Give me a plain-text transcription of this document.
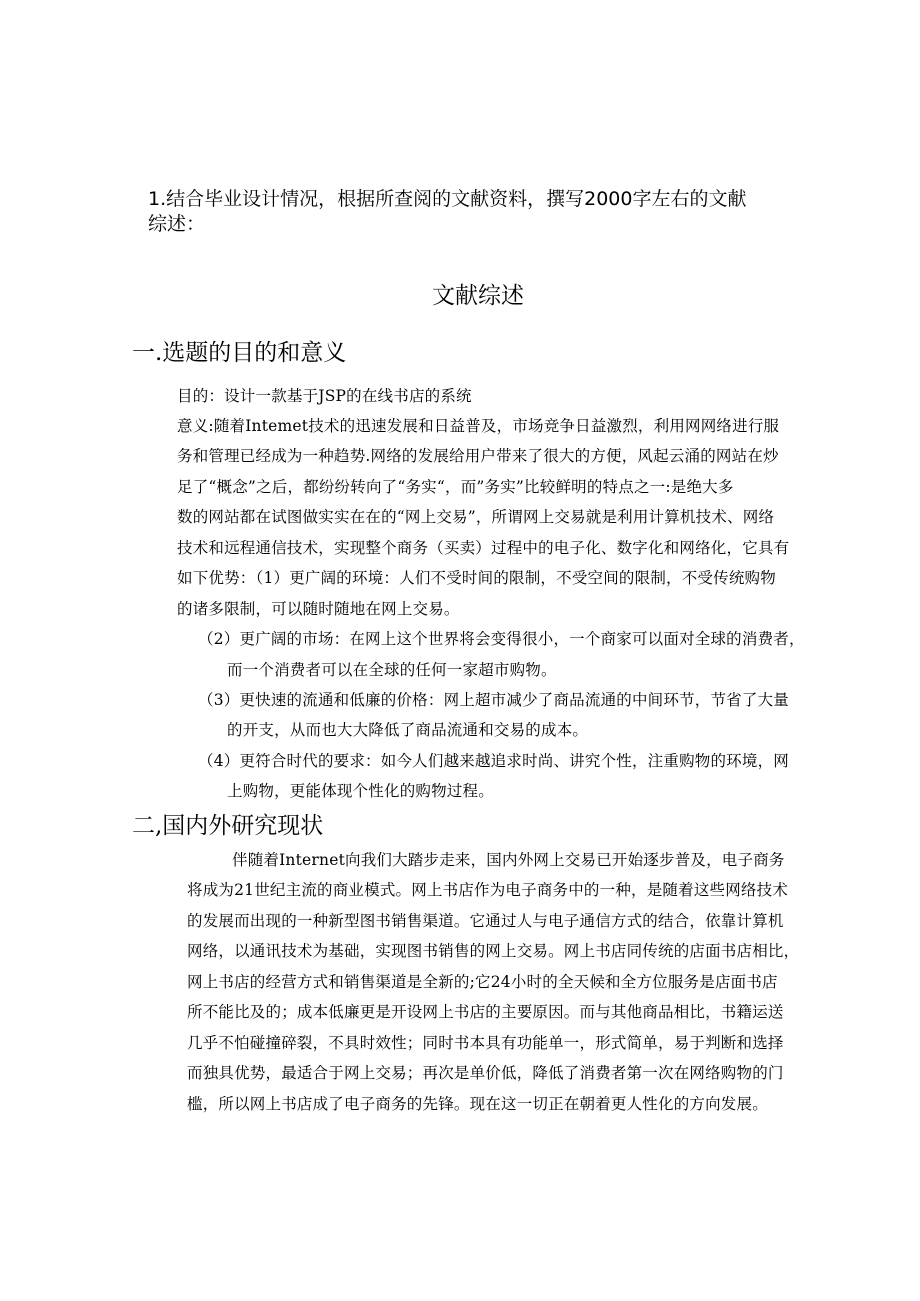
1.结合毕业设计情况，根据所查阅的文献资料，撰写2000字左右的文献
综述：
文献综述
一.选题的目的和意义
目的：设计一款基于JSP的在线书店的系统
意义:随着Intemet技术的迅速发展和日益普及，市场竞争日益激烈，利用网网络进行服
务和管理已经成为一种趋势.网络的发展给用户带来了很大的方便，风起云涌的网站在炒
足了“概念”之后，都纷纷转向了“务实“，而”务实”比较鲜明的特点之一:是绝大多
数的网站都在试图做实实在在的“网上交易”，所谓网上交易就是利用计算机技术、网络
技术和远程通信技术，实现整个商务（买卖）过程中的电子化、数字化和网络化，它具有
如下优势：（1）更广阔的环境：人们不受时间的限制，不受空间的限制，不受传统购物
的诸多限制，可以随时随地在网上交易。
（2）更广阔的市场：在网上这个世界将会变得很小，一个商家可以面对全球的消费者，
而一个消费者可以在全球的任何一家超市购物。
（3）更快速的流通和低廉的价格：网上超市减少了商品流通的中间环节，节省了大量
的开支，从而也大大降低了商品流通和交易的成本。
（4）更符合时代的要求：如今人们越来越追求时尚、讲究个性，注重购物的环境，网
上购物，更能体现个性化的购物过程。
二,国内外研究现状
伴随着Internet向我们大踏步走来，国内外网上交易已开始逐步普及，电子商务
将成为21世纪主流的商业模式。网上书店作为电子商务中的一种，是随着这些网络技术
的发展而出现的一种新型图书销售渠道。它通过人与电子通信方式的结合，依靠计算机
网络，以通讯技术为基础，实现图书销售的网上交易。网上书店同传统的店面书店相比，
网上书店的经营方式和销售渠道是全新的;它24小时的全天候和全方位服务是店面书店
所不能比及的；成本低廉更是开设网上书店的主要原因。而与其他商品相比，书籍运送
几乎不怕碰撞碎裂，不具时效性；同时书本具有功能单一，形式简单，易于判断和选择
而独具优势，最适合于网上交易；再次是单价低，降低了消费者第一次在网络购物的门
槛，所以网上书店成了电子商务的先锋。现在这一切正在朝着更人性化的方向发展。
